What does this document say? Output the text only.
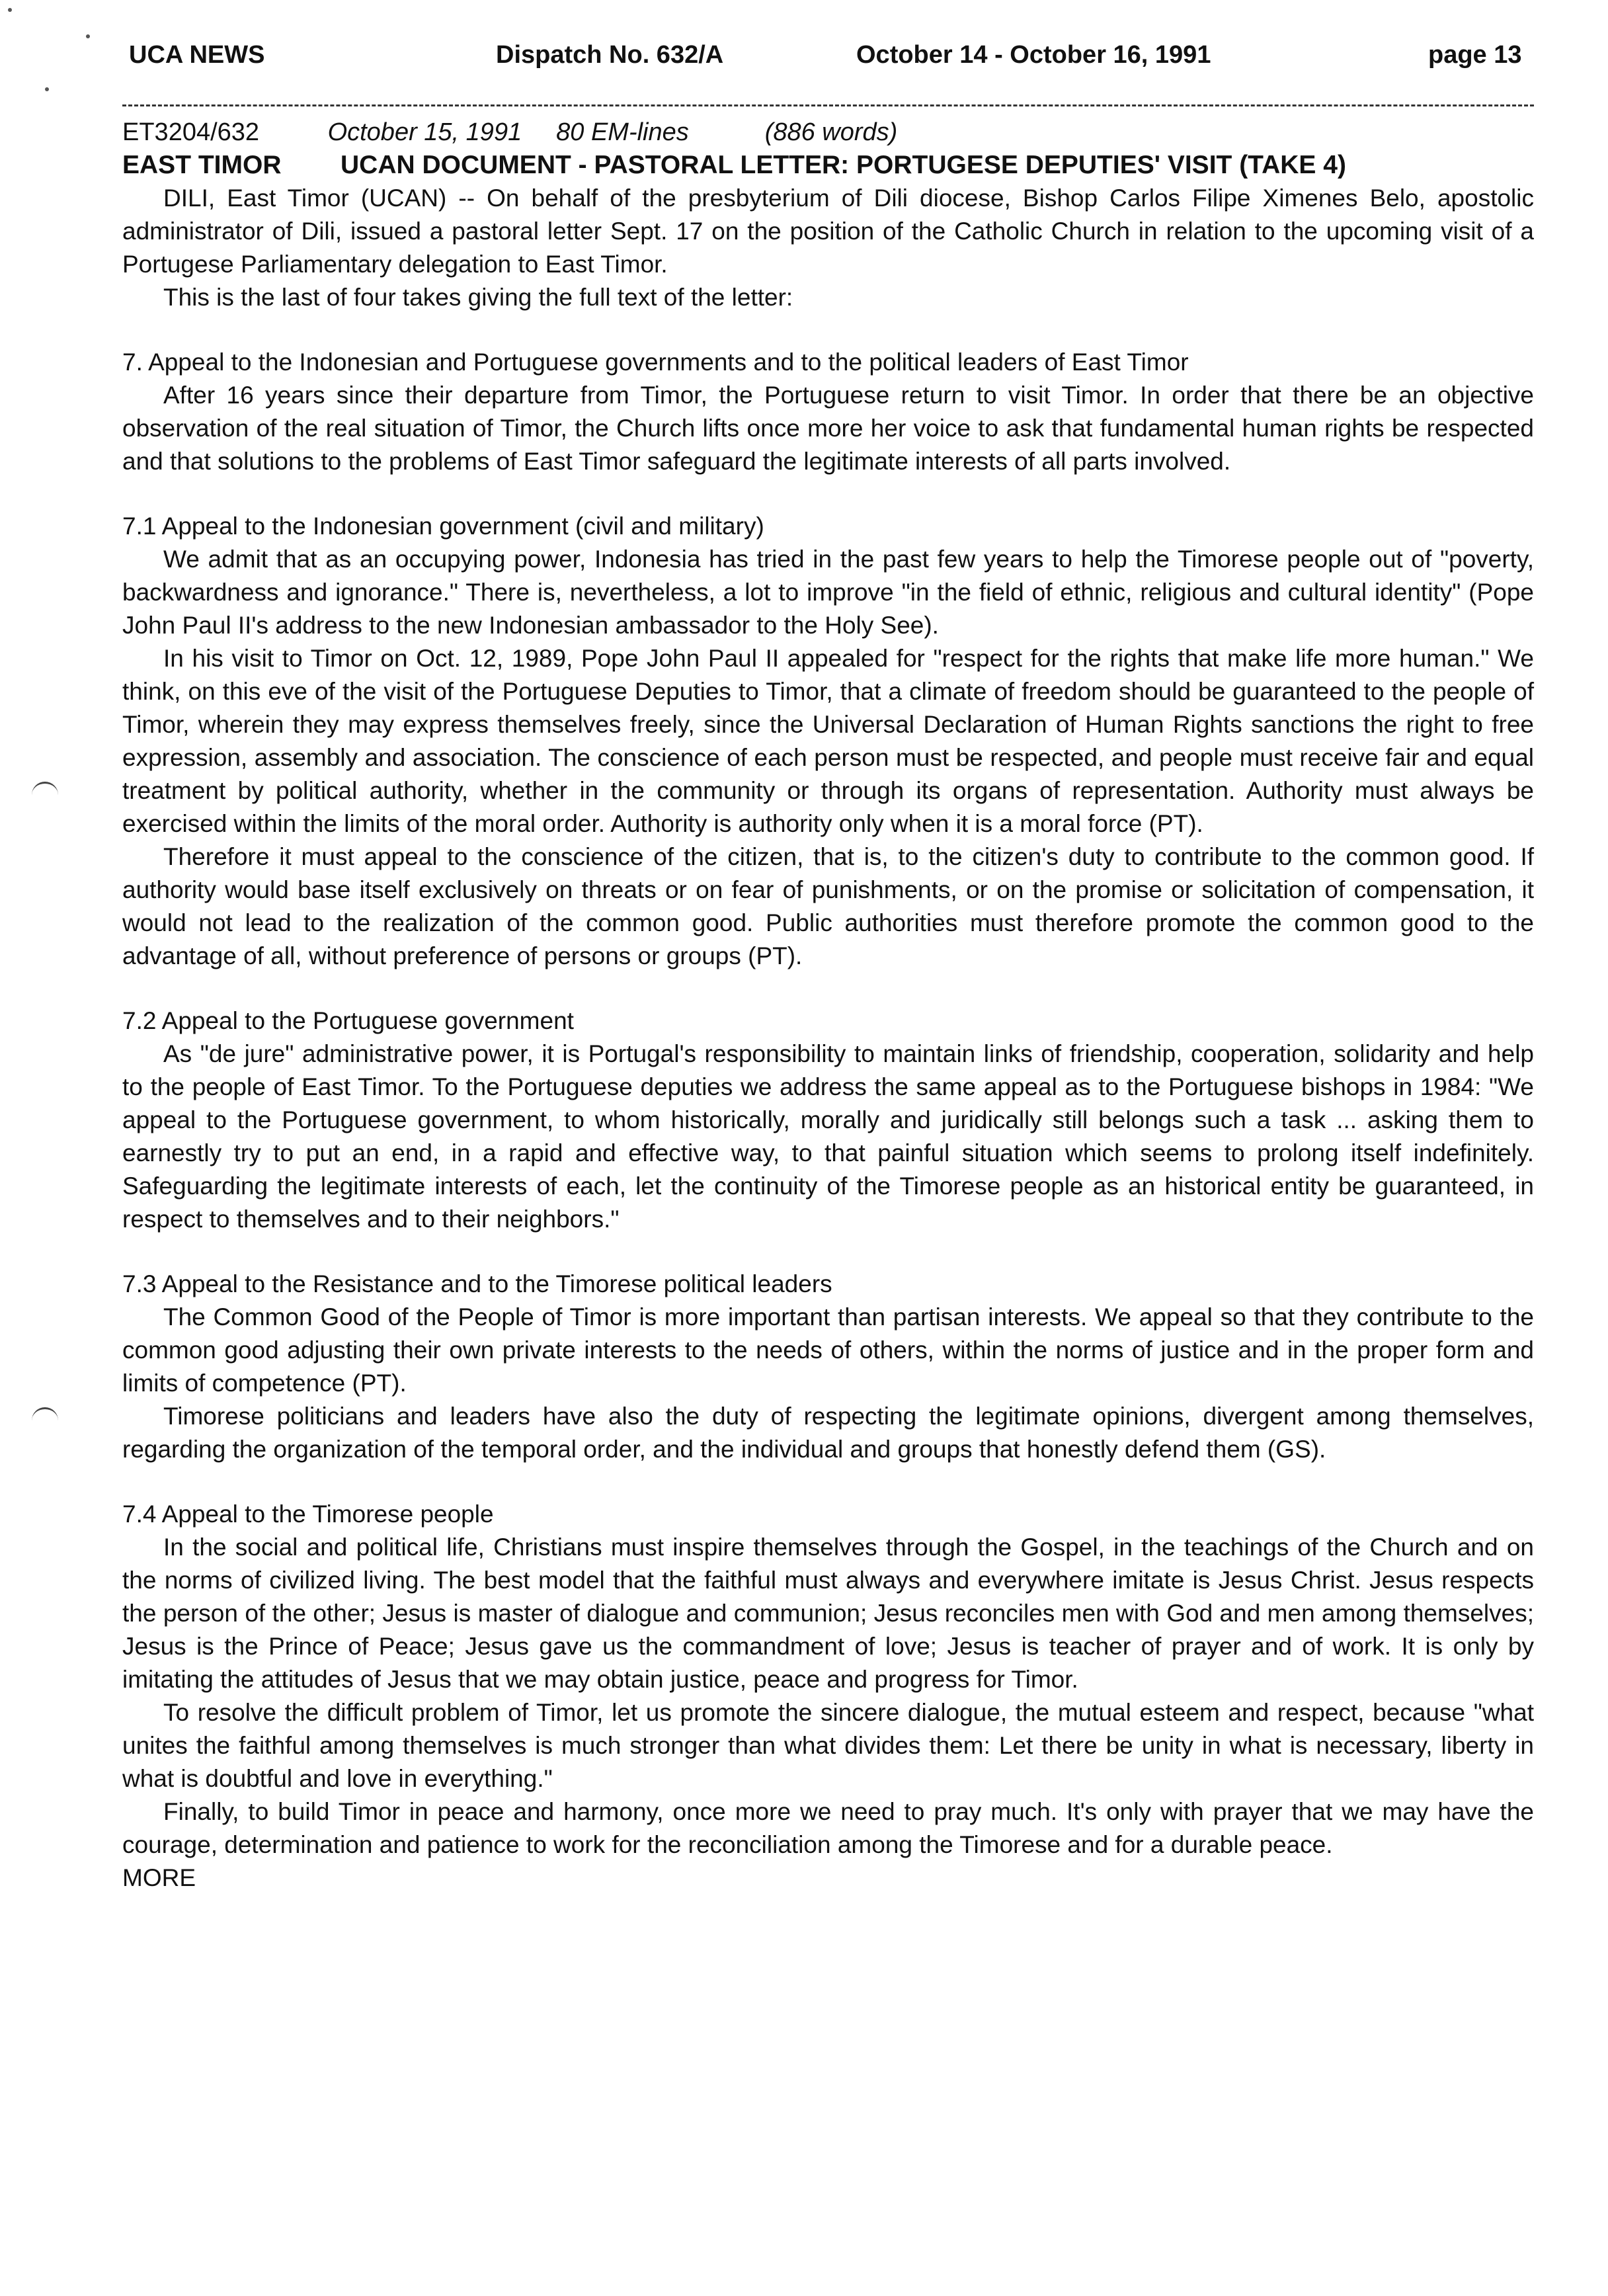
UCA NEWS	Dispatch No. 632/A	October 14 - October 16, 1991	page 13
ET3204/632	October 15, 1991 80 EM-lines	(886 words)
EAST TIMOR UCAN DOCUMENT - PASTORAL LETTER: PORTUGESE DEPUTIES' VISIT (TAKE 4)

DILI, East Timor (UCAN) -- On behalf of the presbyterium of Dili diocese, Bishop Carlos Filipe Ximenes Belo, apostolic administrator of Dili, issued a pastoral letter Sept. 17 on the position of the Catholic Church in relation to the upcoming visit of a Portugese Parliamentary delegation to East Timor.

This is the last of four takes giving the full text of the letter:

7. Appeal to the Indonesian and Portuguese governments and to the political leaders of East Timor

After 16 years since their departure from Timor, the Portuguese return to visit Timor. In order that there be an objective observation of the real situation of Timor, the Church lifts once more her voice to ask that fundamental human rights be respected and that solutions to the problems of East Timor safeguard the legitimate interests of all parts involved.

7.1 Appeal to the Indonesian government (civil and military)

We admit that as an occupying power, Indonesia has tried in the past few years to help the Timorese people out of "poverty, backwardness and ignorance." There is, nevertheless, a lot to improve "in the field of ethnic, religious and cultural identity" (Pope John Paul II's address to the new Indonesian ambassador to the Holy See).

In his visit to Timor on Oct. 12, 1989, Pope John Paul II appealed for "respect for the rights that make life more human." We think, on this eve of the visit of the Portuguese Deputies to Timor, that a climate of freedom should be guaranteed to the people of Timor, wherein they may express themselves freely, since the Universal Declaration of Human Rights sanctions the right to free expression, assembly and association. The conscience of each person must be respected, and people must receive fair and equal treatment by political authority, whether in the community or through its organs of representation. Authority must always be exercised within the limits of the moral order. Authority is authority only when it is a moral force (PT).

Therefore it must appeal to the conscience of the citizen, that is, to the citizen's duty to contribute to the common good. If authority would base itself exclusively on threats or on fear of punishments, or on the promise or solicitation of compensation, it would not lead to the realization of the common good. Public authorities must therefore promote the common good to the advantage of all, without preference of persons or groups (PT).

7.2 Appeal to the Portuguese government

As "de jure" administrative power, it is Portugal's responsibility to maintain links of friendship, cooperation, solidarity and help to the people of East Timor. To the Portuguese deputies we address the same appeal as to the Portuguese bishops in 1984: "We appeal to the Portuguese government, to whom historically, morally and juridically still belongs such a task ... asking them to earnestly try to put an end, in a rapid and effective way, to that painful situation which seems to prolong itself indefinitely. Safeguarding the legitimate interests of each, let the continuity of the Timorese people as an historical entity be guaranteed, in respect to themselves and to their neighbors."

7.3 Appeal to the Resistance and to the Timorese political leaders

The Common Good of the People of Timor is more important than partisan interests. We appeal so that they contribute to the common good adjusting their own private interests to the needs of others, within the norms of justice and in the proper form and limits of competence (PT).

Timorese politicians and leaders have also the duty of respecting the legitimate opinions, divergent among themselves, regarding the organization of the temporal order, and the individual and groups that honestly defend them (GS).

7.4 Appeal to the Timorese people

In the social and political life, Christians must inspire themselves through the Gospel, in the teachings of the Church and on the norms of civilized living. The best model that the faithful must always and everywhere imitate is Jesus Christ. Jesus respects the person of the other; Jesus is master of dialogue and communion; Jesus reconciles men with God and men among themselves; Jesus is the Prince of Peace; Jesus gave us the commandment of love; Jesus is teacher of prayer and of work. It is only by imitating the attitudes of Jesus that we may obtain justice, peace and progress for Timor.

To resolve the difficult problem of Timor, let us promote the sincere dialogue, the mutual esteem and respect, because "what unites the faithful among themselves is much stronger than what divides them: Let there be unity in what is necessary, liberty in what is doubtful and love in everything."

Finally, to build Timor in peace and harmony, once more we need to pray much. It's only with prayer that we may have the courage, determination and patience to work for the reconciliation among the Timorese and for a durable peace.

MORE
